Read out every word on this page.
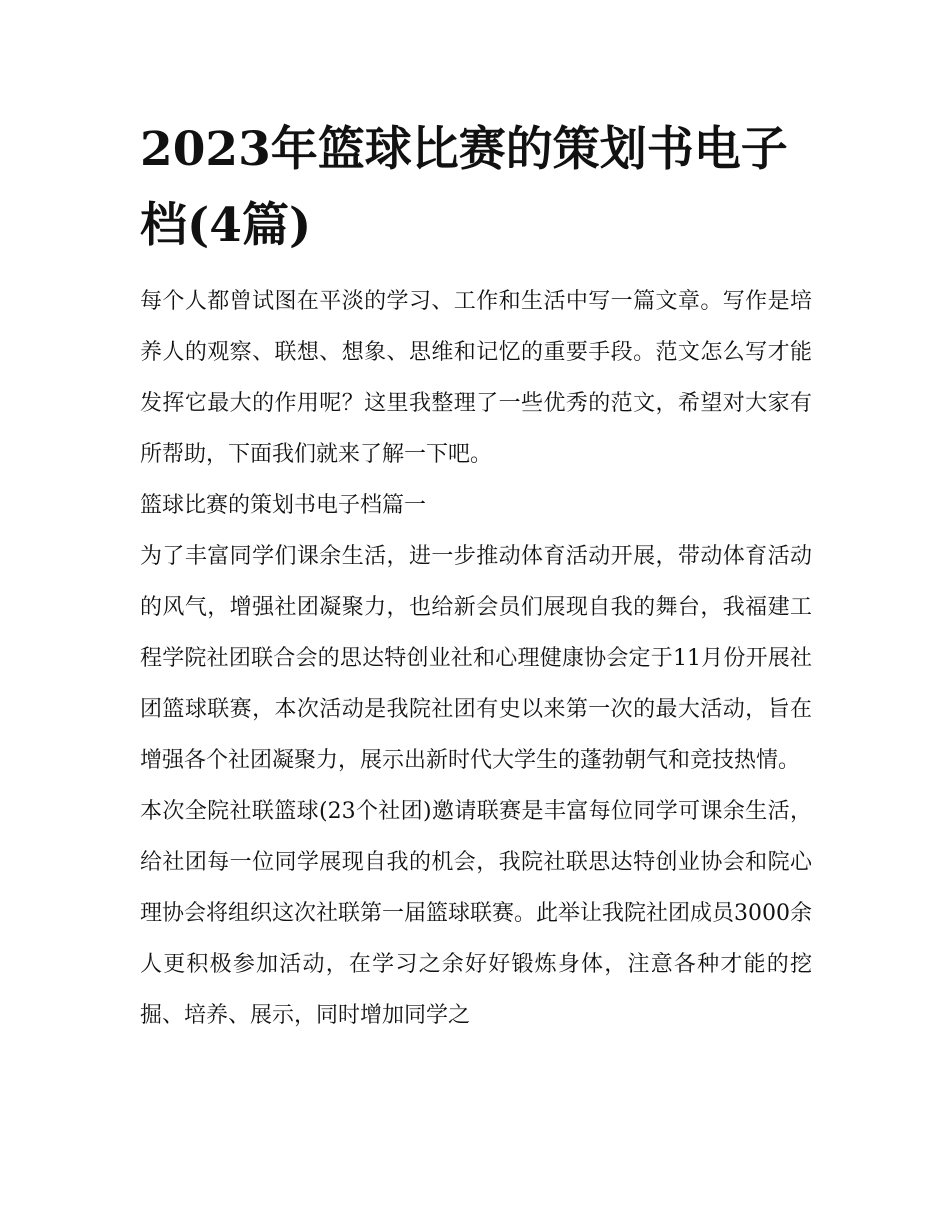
2023年篮球比赛的策划书电子档(4篇)

每个人都曾试图在平淡的学习、工作和生活中写一篇文章。写作是培养人的观察、联想、想象、思维和记忆的重要手段。范文怎么写才能发挥它最大的作用呢？这里我整理了一些优秀的范文，希望对大家有所帮助，下面我们就来了解一下吧。

篮球比赛的策划书电子档篇一

为了丰富同学们课余生活，进一步推动体育活动开展，带动体育活动的风气，增强社团凝聚力，也给新会员们展现自我的舞台，我福建工程学院社团联合会的思达特创业社和心理健康协会定于11月份开展社团篮球联赛，本次活动是我院社团有史以来第一次的最大活动，旨在增强各个社团凝聚力，展示出新时代大学生的蓬勃朝气和竞技热情。

本次全院社联篮球(23个社团)邀请联赛是丰富每位同学可课余生活，给社团每一位同学展现自我的机会，我院社联思达特创业协会和院心理协会将组织这次社联第一届篮球联赛。此举让我院社团成员3000余人更积极参加活动，在学习之余好好锻炼身体，注意各种才能的挖掘、培养、展示，同时增加同学之
